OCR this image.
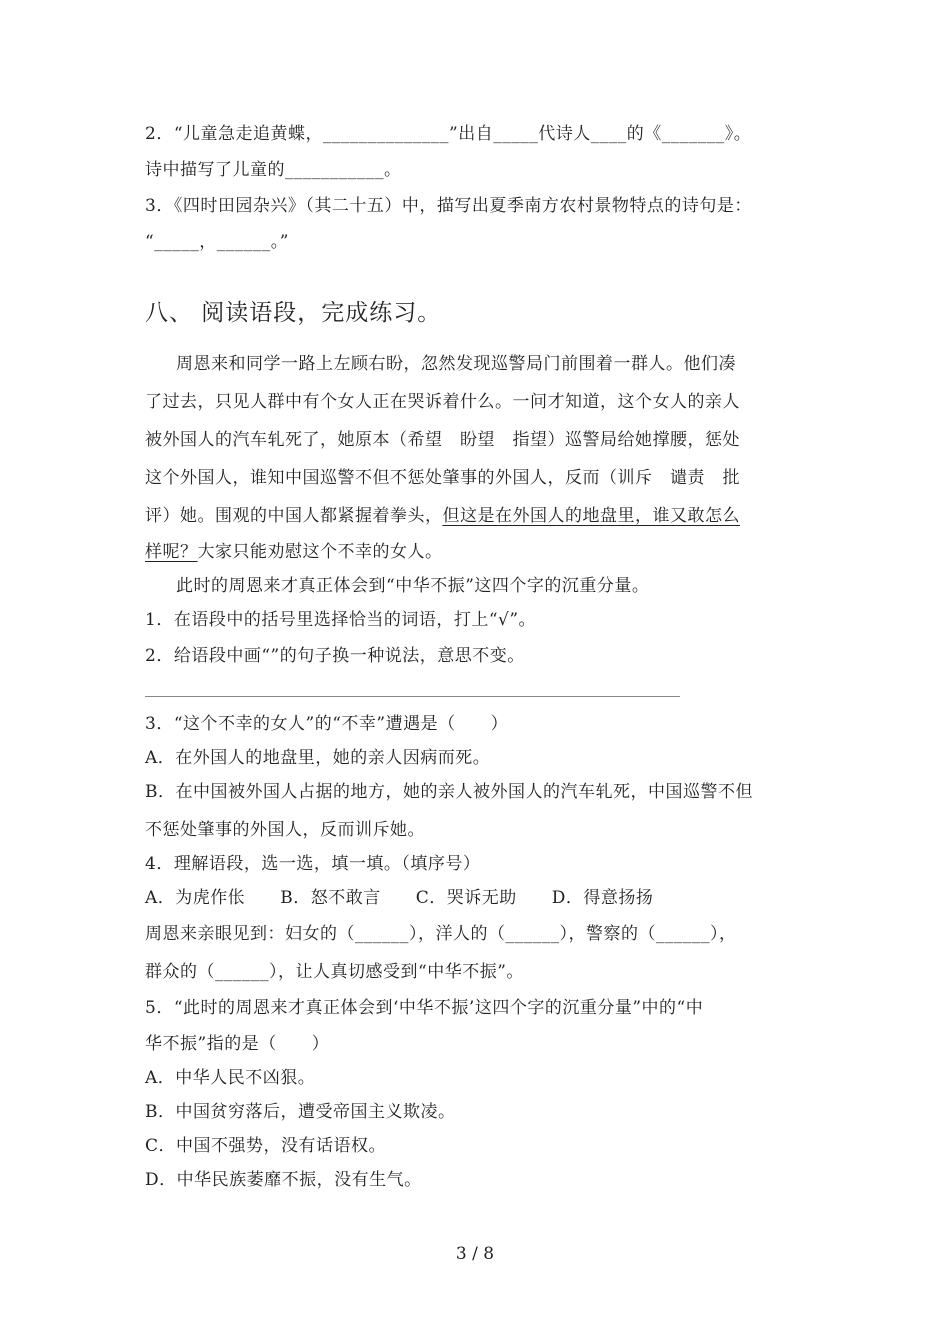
2．“儿童急走追黄蝶，______________”出自_____代诗人____的《_______》。
诗中描写了儿童的___________。
3．《四时田园杂兴》（其二十五）中，描写出夏季南方农村景物特点的诗句是：
“_____，______。”
八、 阅读语段，完成练习。
周恩来和同学一路上左顾右盼，忽然发现巡警局门前围着一群人。他们凑
了过去，只见人群中有个女人正在哭诉着什么。一问才知道，这个女人的亲人
被外国人的汽车轧死了，她原本（希望　盼望　指望）巡警局给她撑腰，惩处
这个外国人，谁知中国巡警不但不惩处肇事的外国人，反而（训斥　谴责　批
评）她。围观的中国人都紧握着拳头，但这是在外国人的地盘里，谁又敢怎么
样呢？大家只能劝慰这个不幸的女人。
此时的周恩来才真正体会到“中华不振”这四个字的沉重分量。
1．在语段中的括号里选择恰当的词语，打上“√”。
2．给语段中画“”的句子换一种说法，意思不变。
3．“这个不幸的女人”的“不幸”遭遇是（　　）
A．在外国人的地盘里，她的亲人因病而死。
B．在中国被外国人占据的地方，她的亲人被外国人的汽车轧死，中国巡警不但
不惩处肇事的外国人，反而训斥她。
4．理解语段，选一选，填一填。（填序号）
A．为虎作伥　　B．怒不敢言　　C．哭诉无助　　D．得意扬扬
周恩来亲眼见到：妇女的（______），洋人的（______），警察的（______），
群众的（______），让人真切感受到“中华不振”。
5．“此时的周恩来才真正体会到‘中华不振’这四个字的沉重分量”中的“中
华不振”指的是（　　）
A．中华人民不凶狠。
B．中国贫穷落后，遭受帝国主义欺凌。
C．中国不强势，没有话语权。
D．中华民族萎靡不振，没有生气。
3 / 8
